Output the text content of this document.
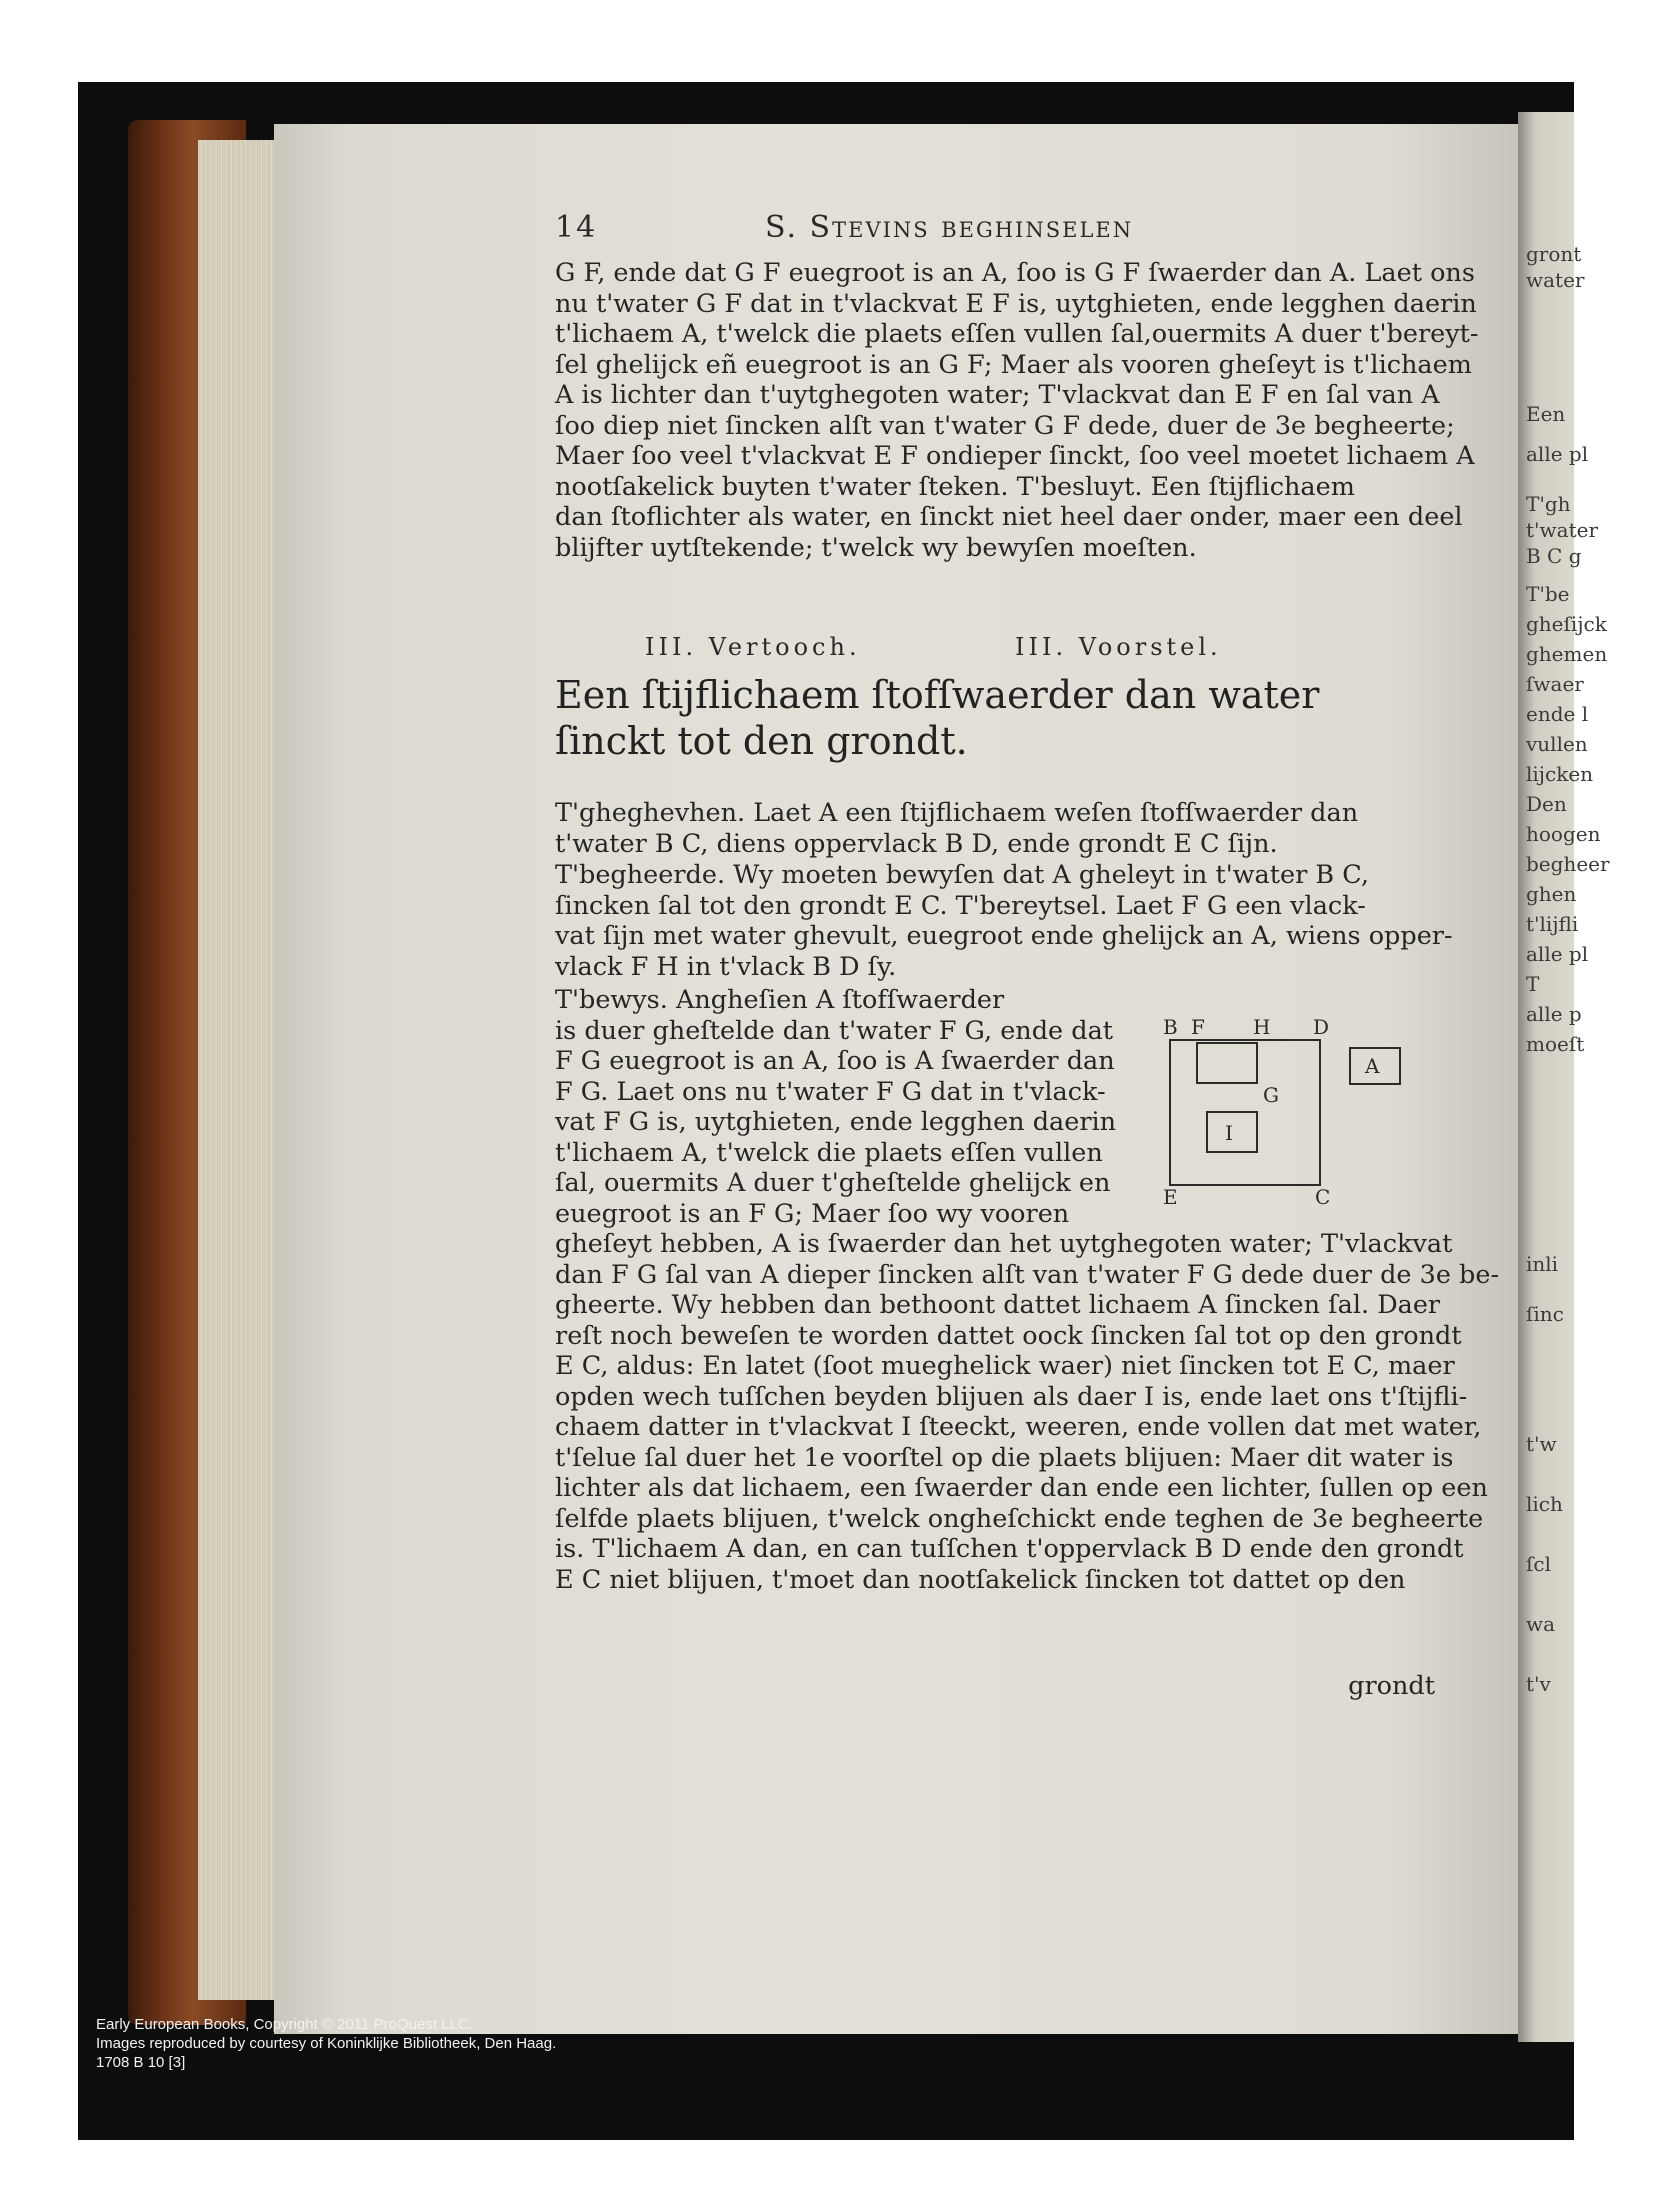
gront
water
Een
alle pl
T'gh
t'water
B C g
T'be
gheſijck
ghemen
ſwaer
ende l
vullen
lijcken
Den
hoogen
begheer
ghen
t'lijfli
alle pl
T
alle p
moeſt
inli
ſinc
t'w
lich
ſcl
wa
t'v
14	S. Stevins beghinselen
G F, ende dat G F euegroot is an A, ſoo is G F ſwaerder dan A. Laet ons
nu t'water G F dat in t'vlackvat E F is, uytghieten, ende legghen daerin
t'lichaem A, t'welck die plaets eſſen vullen ſal,ouermits A duer t'bereyt-
ſel ghelijck eñ euegroot is an G F; Maer als vooren gheſeyt is t'lichaem
A is lichter dan t'uytghegoten water; T'vlackvat dan E F en ſal van A
ſoo diep niet ſincken alſt van t'water G F dede, duer de 3e begheerte;
Maer ſoo veel t'vlackvat E F ondieper ſinckt, ſoo veel moetet lichaem A
nootſakelick buyten t'water ſteken. T'besluyt. Een ſtijflichaem
dan ſtoflichter als water, en ſinckt niet heel daer onder, maer een deel
blijfter uytſtekende; t'welck wy bewyſen moeſten.
III. Vertooch.	III. Voorstel.
Een ſtijflichaem ſtofſwaerder dan water
ſinckt tot den grondt.
T'gheghevhen. Laet A een ſtijflichaem weſen ſtofſwaerder dan
t'water B C, diens oppervlack B D, ende grondt E C ſijn.
T'begheerde. Wy moeten bewyſen dat A gheleyt in t'water B C,
ſincken ſal tot den grondt E C. T'bereytsel. Laet F G een vlack-
vat ſijn met water ghevult, euegroot ende ghelijck an A, wiens opper-
vlack F H in t'vlack B D ſy.
T'bewys. Angheſien A ſtofſwaerder
is duer gheſtelde dan t'water F G, ende dat
F G euegroot is an A, ſoo is A ſwaerder dan
F G. Laet ons nu t'water F G dat in t'vlack-
vat F G is, uytghieten, ende legghen daerin
t'lichaem A, t'welck die plaets eſſen vullen
ſal, ouermits A duer t'gheſtelde ghelijck en
euegroot is an F G; Maer ſoo wy vooren
gheſeyt hebben, A is ſwaerder dan het uytghegoten water; T'vlackvat
dan F G ſal van A dieper ſincken alſt van t'water F G dede duer de 3e be-
gheerte. Wy hebben dan bethoont dattet lichaem A ſincken ſal. Daer
reſt noch beweſen te worden dattet oock ſincken ſal tot op den grondt
E C, aldus: En latet (ſoot mueghelick waer) niet ſincken tot E C, maer
opden wech tuſſchen beyden blijuen als daer I is, ende laet ons t'ſtijfli-
chaem datter in t'vlackvat I ſteeckt, weeren, ende vollen dat met water,
t'ſelue ſal duer het 1e voorſtel op die plaets blijuen: Maer dit water is
lichter als dat lichaem, een ſwaerder dan ende een lichter, ſullen op een
ſelfde plaets blijuen, t'welck ongheſchickt ende teghen de 3e begheerte
is. T'lichaem A dan, en can tuſſchen t'oppervlack B D ende den grondt
E C niet blijuen, t'moet dan nootſakelick ſincken tot dattet op den
grondt
B F H D
G
I
E	C
A
Early European Books, Copyright © 2011 ProQuest LLC.
Images reproduced by courtesy of Koninklijke Bibliotheek, Den Haag.
1708 B 10 [3]
